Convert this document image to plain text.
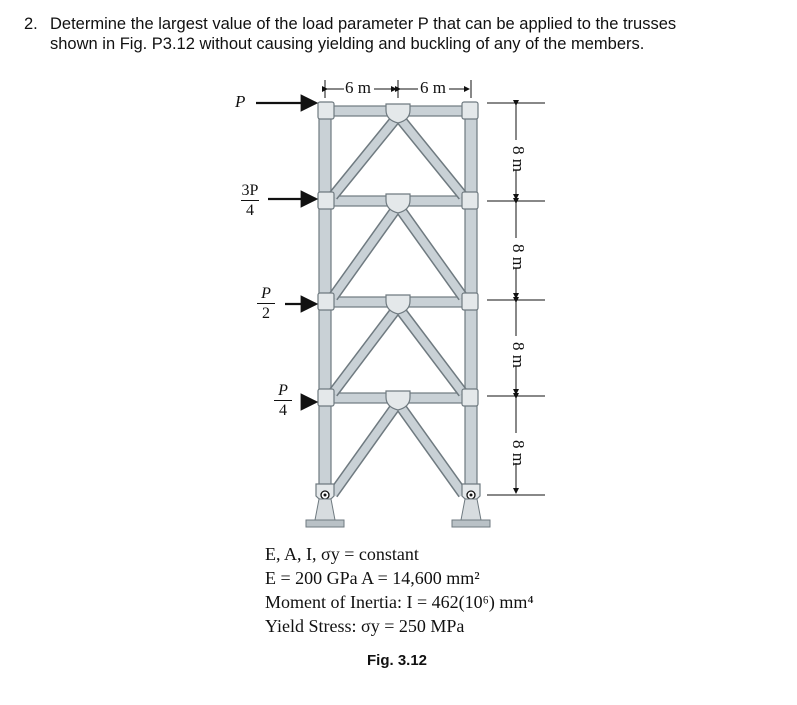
2. Determine the largest value of the load parameter P that can be applied to the trusses
shown in Fig. P3.12 without causing yielding and buckling of any of the members.
6 m	6 m
8 m
8 m
8 m
8 m
P
3P
4
P
2
P
4
E, A, I, σy = constant
E = 200 GPa A = 14,600 mm²
Moment of Inertia: I = 462(10⁶) mm⁴
Yield Stress: σy = 250 MPa
Fig. 3.12
